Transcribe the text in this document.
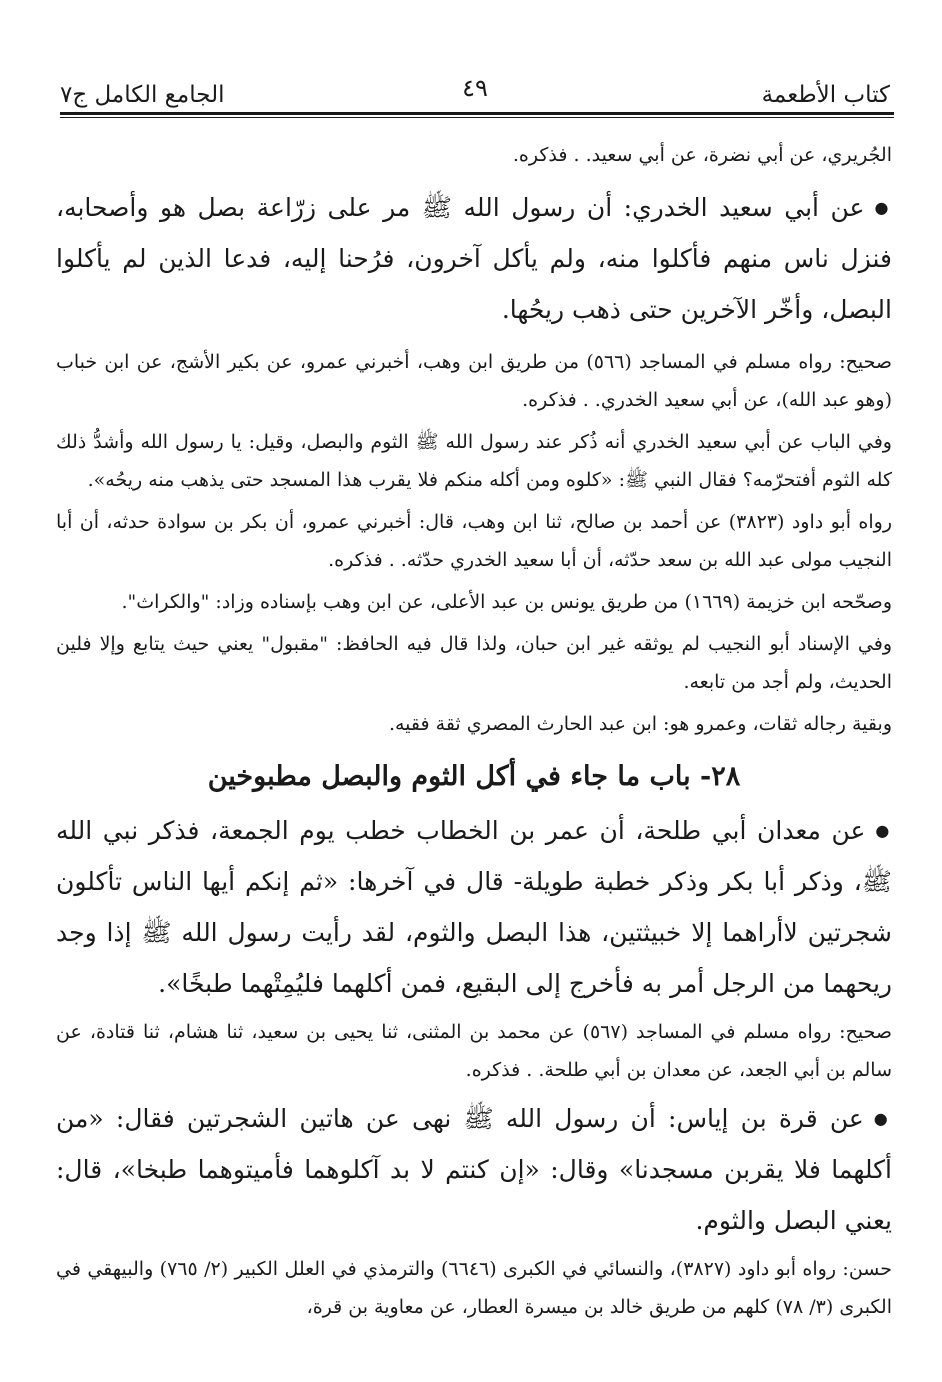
كتاب الأطعمة
٤٩
الجامع الكامل ج٧

الجُريري، عن أبي نضرة، عن أبي سعيد. . فذكره.

● عن أبي سعيد الخدري: أن رسول الله ﷺ مر على زرّاعة بصل هو وأصحابه، فنزل ناس منهم فأكلوا منه، ولم يأكل آخرون، فرُحنا إليه، فدعا الذين لم يأكلوا البصل، وأخّر الآخرين حتى ذهب ريحُها.

صحيح: رواه مسلم في المساجد (٥٦٦) من طريق ابن وهب، أخبرني عمرو، عن بكير الأشج، عن ابن خباب (وهو عبد الله)، عن أبي سعيد الخدري. . فذكره.

وفي الباب عن أبي سعيد الخدري أنه ذُكر عند رسول الله ﷺ الثوم والبصل، وقيل: يا رسول الله وأشدُّ ذلك كله الثوم أفتحرّمه؟ فقال النبي ﷺ: «كلوه ومن أكله منكم فلا يقرب هذا المسجد حتى يذهب منه ريحُه».

رواه أبو داود (٣٨٢٣) عن أحمد بن صالح، ثنا ابن وهب، قال: أخبرني عمرو، أن بكر بن سوادة حدثه، أن أبا النجيب مولى عبد الله بن سعد حدّثه، أن أبا سعيد الخدري حدّثه. . فذكره.

وصحّحه ابن خزيمة (١٦٦٩) من طريق يونس بن عبد الأعلى، عن ابن وهب بإسناده وزاد: "والكراث".

وفي الإسناد أبو النجيب لم يوثقه غير ابن حبان، ولذا قال فيه الحافظ: "مقبول" يعني حيث يتابع وإلا فلين الحديث، ولم أجد من تابعه.

وبقية رجاله ثقات، وعمرو هو: ابن عبد الحارث المصري ثقة فقيه.

٢٨- باب ما جاء في أكل الثوم والبصل مطبوخين

● عن معدان أبي طلحة، أن عمر بن الخطاب خطب يوم الجمعة، فذكر نبي الله ﷺ، وذكر أبا بكر وذكر خطبة طويلة- قال في آخرها: «ثم إنكم أيها الناس تأكلون شجرتين لاأراهما إلا خبيثتين، هذا البصل والثوم، لقد رأيت رسول الله ﷺ إذا وجد ريحهما من الرجل أمر به فأخرج إلى البقيع، فمن أكلهما فليُمِتْهما طبخًا».

صحيح: رواه مسلم في المساجد (٥٦٧) عن محمد بن المثنى، ثنا يحيى بن سعيد، ثنا هشام، ثنا قتادة، عن سالم بن أبي الجعد، عن معدان بن أبي طلحة. . فذكره.

● عن قرة بن إياس: أن رسول الله ﷺ نهى عن هاتين الشجرتين فقال: «من أكلهما فلا يقربن مسجدنا» وقال: «إن كنتم لا بد آكلوهما فأميتوهما طبخا»، قال: يعني البصل والثوم.

حسن: رواه أبو داود (٣٨٢٧)، والنسائي في الكبرى (٦٦٤٦) والترمذي في العلل الكبير (٢/ ٧٦٥) والبيهقي في الكبرى (٣/ ٧٨) كلهم من طريق خالد بن ميسرة العطار، عن معاوية بن قرة،
